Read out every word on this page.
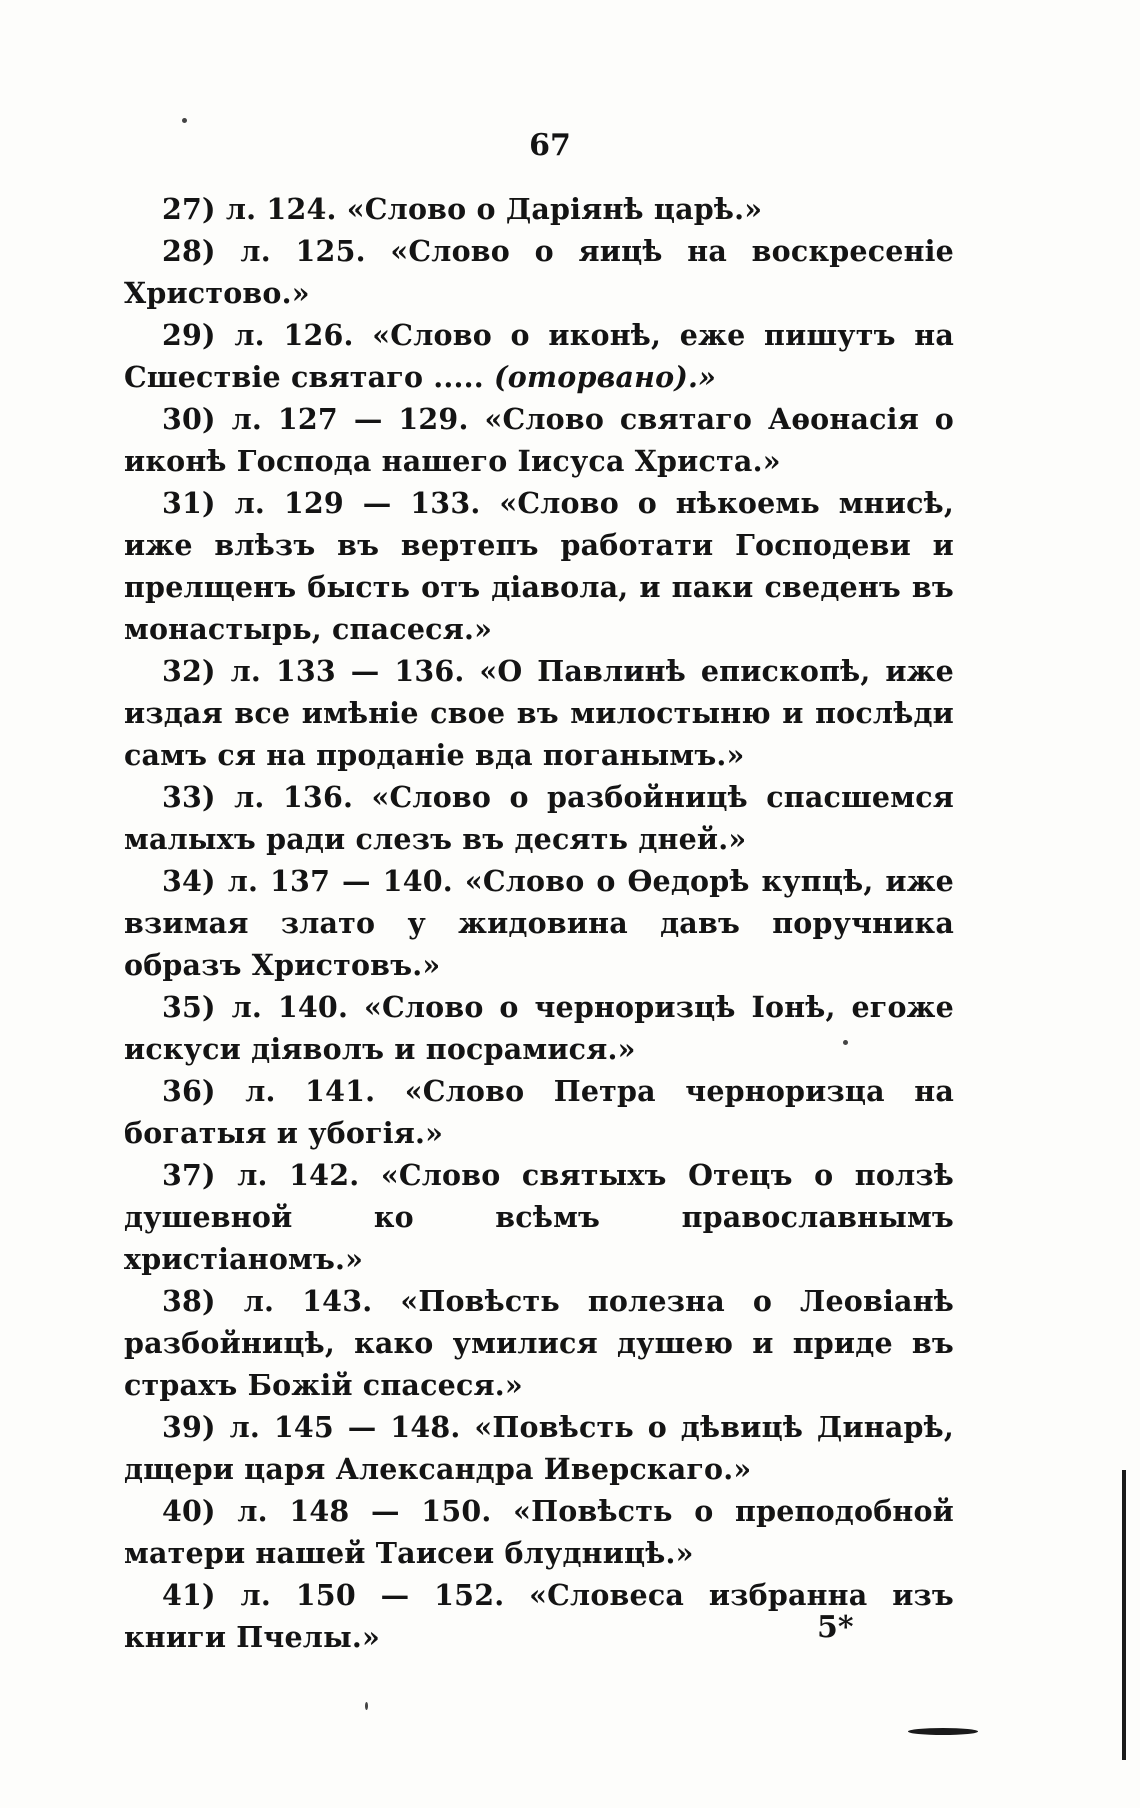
67

27) л. 124. «Слово о Даріянѣ царѣ.»

28) л. 125. «Слово о яицѣ на воскресеніе Христово.»

29) л. 126. «Слово о иконѣ, еже пишутъ на Сшествіе святаго ..... (оторвано).»

30) л. 127 — 129. «Слово святаго Аѳонасія о иконѣ Господа нашего Іисуса Христа.»

31) л. 129 — 133. «Слово о нѣкоемь мнисѣ, иже влѣзъ въ вертепъ работати Господеви и прелщенъ бысть отъ діавола, и паки сведенъ въ монастырь, спасеся.»

32) л. 133 — 136. «О Павлинѣ епископѣ, иже издая все имѣніе свое въ милостыню и послѣди самъ ся на проданіе вда поганымъ.»

33) л. 136. «Слово о разбойницѣ спасшемся малыхъ ради слезъ въ десять дней.»

34) л. 137 — 140. «Слово о Ѳедорѣ купцѣ, иже взимая злато у жидовина давъ поручника образъ Христовъ.»

35) л. 140. «Слово о черноризцѣ Іонѣ, егоже искуси діяволъ и посрамися.»

36) л. 141. «Слово Петра черноризца на богатыя и убогія.»

37) л. 142. «Слово святыхъ Отецъ о ползѣ душевной ко всѣмъ православнымъ христіаномъ.»

38) л. 143. «Повѣсть полезна о Леовіанѣ разбойницѣ, како умилися душею и приде въ страхъ Божій спасеся.»

39) л. 145 — 148. «Повѣсть о дѣвицѣ Динарѣ, дщери царя Александра Иверскаго.»

40) л. 148 — 150. «Повѣсть о преподобной матери нашей Таисеи блудницѣ.»

41) л. 150 — 152. «Словеса избранна изъ книги Пчелы.»	5*
